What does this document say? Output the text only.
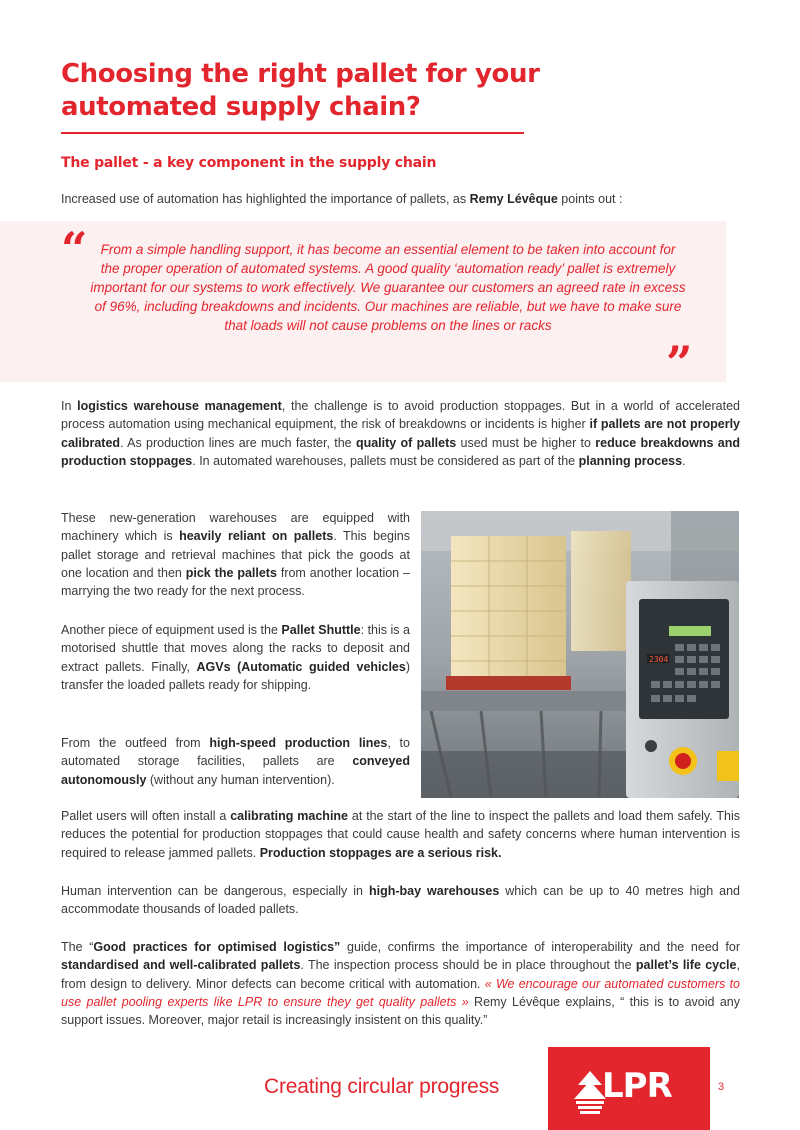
Choosing the right pallet for your automated supply chain?
The pallet - a key component in the supply chain

Increased use of automation has highlighted the importance of pallets, as Remy Lévêque points out :

“ From a simple handling support, it has become an essential element to be taken into account for the proper operation of automated systems. A good quality ‘automation ready’ pallet is extremely important for our systems to work effectively. We guarantee our customers an agreed rate in excess of 96%, including breakdowns and incidents. Our machines are reliable, but we have to make sure that loads will not cause problems on the lines or racks

”

In logistics warehouse management, the challenge is to avoid production stoppages. But in a world of accelerated process automation using mechanical equipment, the risk of breakdowns or incidents is higher if pallets are not properly calibrated. As production lines are much faster, the quality of pallets used must be higher to reduce breakdowns and production stoppages. In automated warehouses, pallets must be considered as part of the planning process.

These new-generation warehouses are equipped with machinery which is heavily reliant on pallets. This begins pallet storage and retrieval machines that pick the goods at one location and then pick the pallets from another location – marrying the two ready for the next process.

Another piece of equipment used is the Pallet Shuttle: this is a motorised shuttle that moves along the racks to deposit and extract pallets. Finally, AGVs (Automatic guided vehicles) transfer the loaded pallets ready for shipping.

From the outfeed from high-speed production lines, to automated storage facilities, pallets are conveyed autonomously (without any human intervention).

2304

Pallet users will often install a calibrating machine at the start of the line to inspect the pallets and load them safely. This reduces the potential for production stoppages that could cause health and safety concerns where human intervention is required to release jammed pallets. Production stoppages are a serious risk.

Human intervention can be dangerous, especially in high-bay warehouses which can be up to 40 metres high and accommodate thousands of loaded pallets.

The “Good practices for optimised logistics” guide, confirms the importance of interoperability and the need for standardised and well-calibrated pallets. The inspection process should be in place throughout the pallet’s life cycle, from design to delivery. Minor defects can become critical with automation. « We encourage our automated customers to use pallet pooling experts like LPR to ensure they get quality pallets » Remy Lévêque explains, “ this is to avoid any support issues. Moreover, major retail is increasingly insistent on this quality.”

Creating circular progress	LPR	3
